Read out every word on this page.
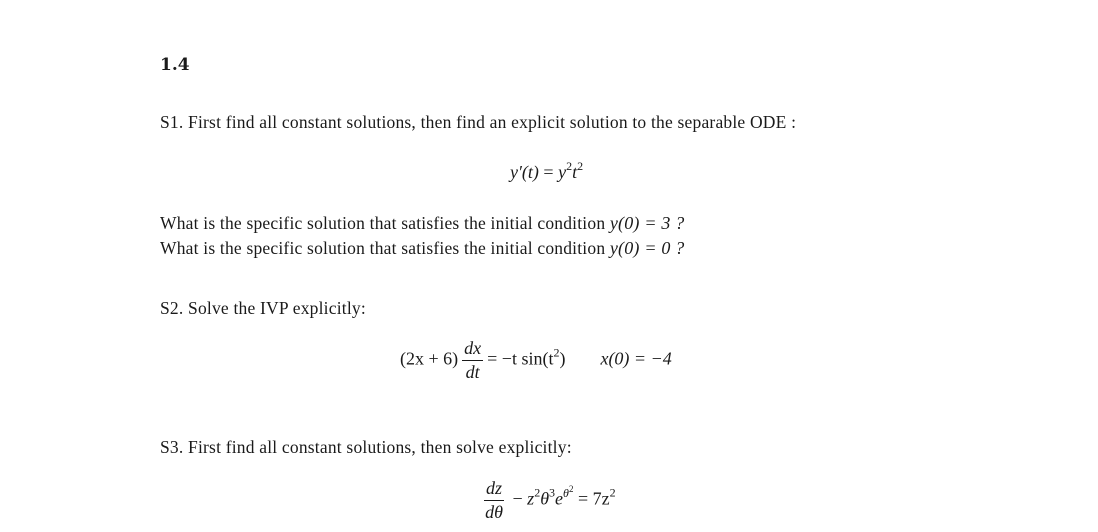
1.4
S1. First find all constant solutions, then find an explicit solution to the separable ODE :
$y'(t) = y^2t^2$
What is the specific solution that satisfies the initial condition y(0) = 3 ?
What is the specific solution that satisfies the initial condition y(0) = 0 ?
S2. Solve the IVP explicitly:
$(2x + 6) \frac{dx}{dt} = -t$ $\sin(t^2) x(0) = -4$
S3. First find all constant solutions, then solve explicitly:
$\frac{dz}{d\theta} - z^2\theta^3e^{\theta^2} = 7z^2$
